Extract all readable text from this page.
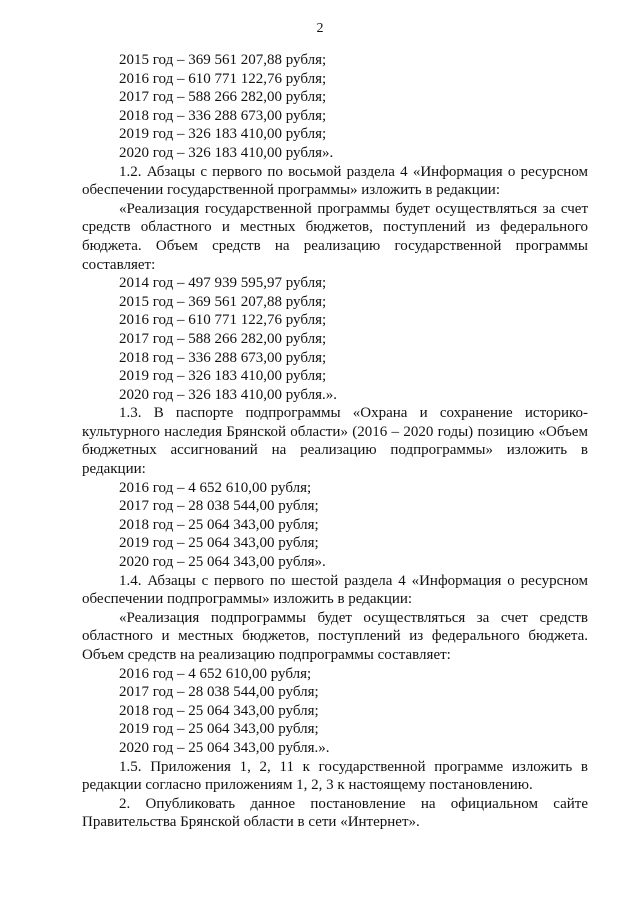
2
2015 год – 369 561 207,88 рубля;
2016 год – 610 771 122,76 рубля;
2017 год – 588 266 282,00 рубля;
2018 год – 336 288 673,00 рубля;
2019 год – 326 183 410,00 рубля;
2020 год – 326 183 410,00 рубля».
1.2. Абзацы с первого по восьмой раздела 4 «Информация о ресурсном обеспечении государственной программы» изложить в редакции:
«Реализация государственной программы будет осуществляться за счет средств областного и местных бюджетов, поступлений из федерального бюджета. Объем средств на реализацию государственной программы составляет:
2014 год – 497 939 595,97 рубля;
2015 год – 369 561 207,88 рубля;
2016 год – 610 771 122,76 рубля;
2017 год – 588 266 282,00 рубля;
2018 год – 336 288 673,00 рубля;
2019 год – 326 183 410,00 рубля;
2020 год – 326 183 410,00 рубля.».
1.3. В паспорте подпрограммы «Охрана и сохранение историко-культурного наследия Брянской области» (2016 – 2020 годы) позицию «Объем бюджетных ассигнований на реализацию подпрограммы» изложить в редакции:
2016 год – 4 652 610,00 рубля;
2017 год – 28 038 544,00 рубля;
2018 год – 25 064 343,00 рубля;
2019 год – 25 064 343,00 рубля;
2020 год – 25 064 343,00 рубля».
1.4. Абзацы с первого по шестой раздела 4 «Информация о ресурсном обеспечении подпрограммы» изложить в редакции:
«Реализация подпрограммы будет осуществляться за счет средств областного и местных бюджетов, поступлений из федерального бюджета. Объем средств на реализацию подпрограммы составляет:
2016 год – 4 652 610,00 рубля;
2017 год – 28 038 544,00 рубля;
2018 год – 25 064 343,00 рубля;
2019 год – 25 064 343,00 рубля;
2020 год – 25 064 343,00 рубля.».
1.5. Приложения 1, 2, 11 к государственной программе изложить в редакции согласно приложениям 1, 2, 3 к настоящему постановлению.
2. Опубликовать данное постановление на официальном сайте Правительства Брянской области в сети «Интернет».
